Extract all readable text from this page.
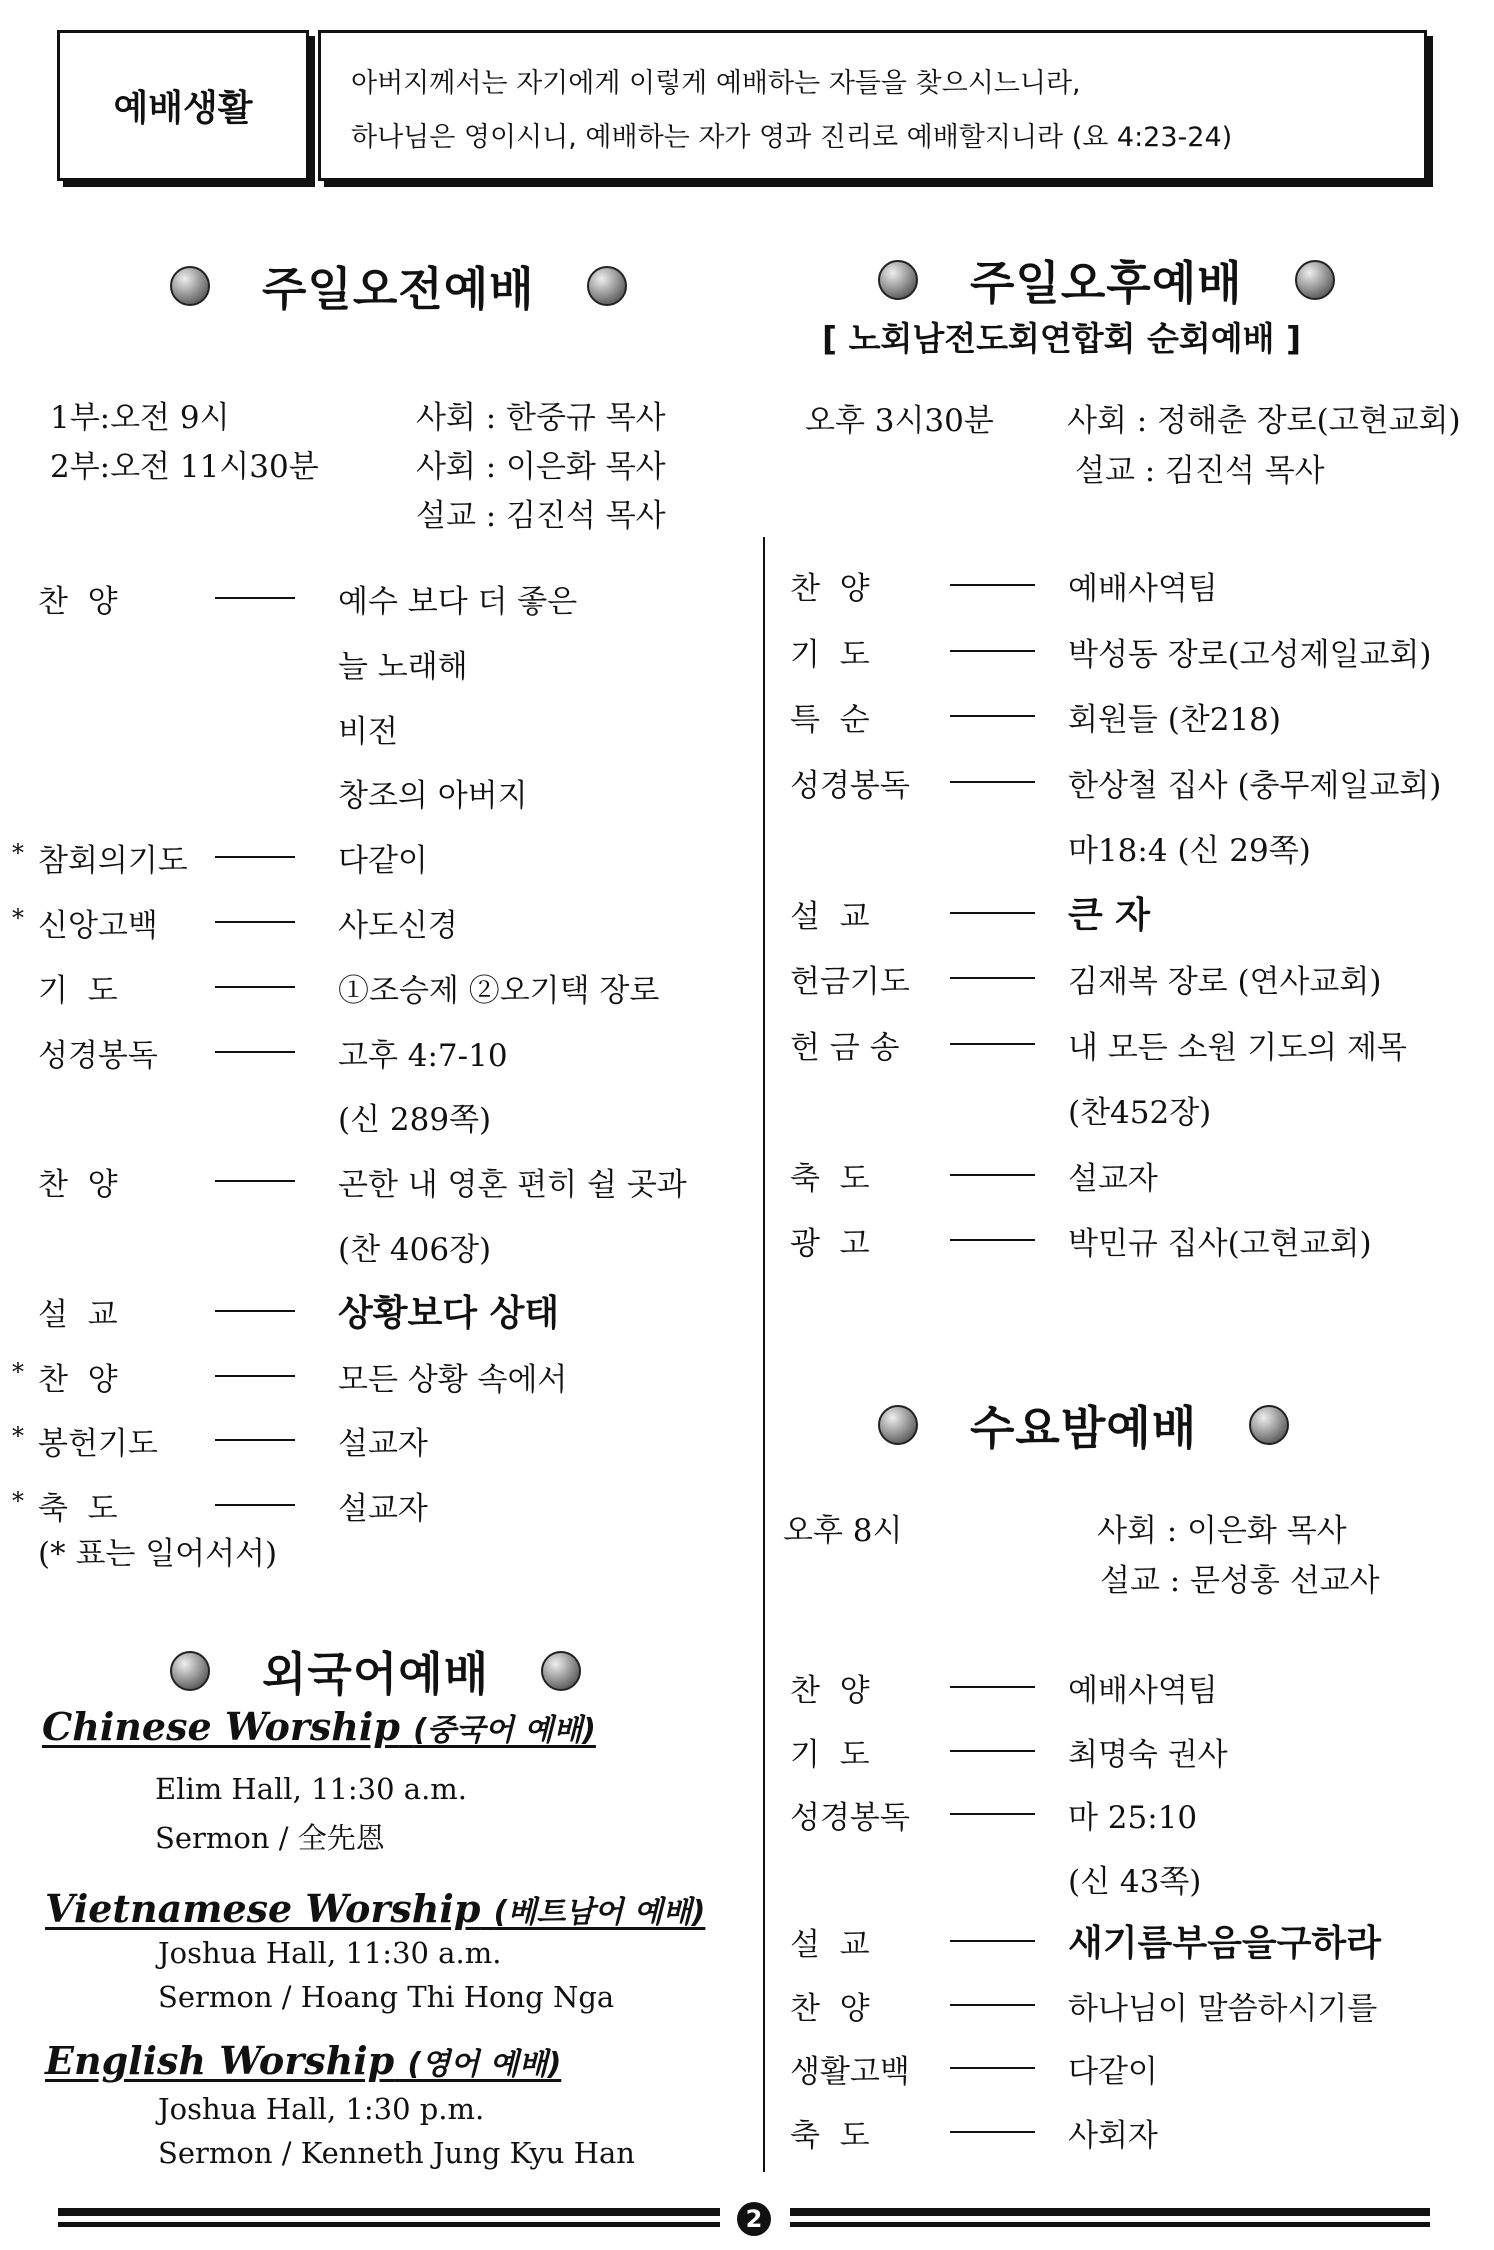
예배생활
아버지께서는 자기에게 이렇게 예배하는 자들을 찾으시느니라,
하나님은 영이시니, 예배하는 자가 영과 진리로 예배할지니라 (요 4:23-24)
주일오전예배
1부:오전 9시	사회 : 한중규 목사
2부:오전 11시30분	사회 : 이은화 목사
설교 : 김진석 목사
찬  양	예수 보다 더 좋은
늘 노래해
비전
창조의 아버지
* 참회의기도	다같이
* 신앙고백	사도신경
기  도	①조승제 ②오기택 장로
성경봉독	고후 4:7-10
(신 289쪽)
찬  양	곤한 내 영혼 편히 쉴 곳과
(찬 406장)
설  교	상황보다 상태
* 찬  양	모든 상황 속에서
* 봉헌기도	설교자
* 축  도	설교자
(* 표는 일어서서)
외국어예배
Chinese Worship (중국어 예배)
Elim Hall, 11:30 a.m.
Sermon / 全先恩
Vietnamese Worship (베트남어 예배)
Joshua Hall, 11:30 a.m.
Sermon / Hoang Thi Hong Nga
English Worship (영어 예배)
Joshua Hall, 1:30 p.m.
Sermon / Kenneth Jung Kyu Han
주일오후예배
[ 노회남전도회연합회 순회예배 ]
오후 3시30분 사회 : 정해춘 장로(고현교회)
설교 : 김진석 목사
찬  양	예배사역팀
기  도	박성동 장로(고성제일교회)
특  순	회원들 (찬218)
성경봉독	한상철 집사 (충무제일교회)
마18:4 (신 29쪽)
설  교	큰 자
헌금기도	김재복 장로 (연사교회)
헌 금 송	내 모든 소원 기도의 제목
(찬452장)
축  도	설교자
광  고	박민규 집사(고현교회)
수요밤예배
오후 8시	사회 : 이은화 목사
설교 : 문성홍 선교사
찬  양	예배사역팀
기  도	최명숙 권사
성경봉독	마 25:10
(신 43쪽)
설  교	새기름부음을구하라
찬  양	하나님이 말씀하시기를
생활고백	다같이
축  도	사회자
2
